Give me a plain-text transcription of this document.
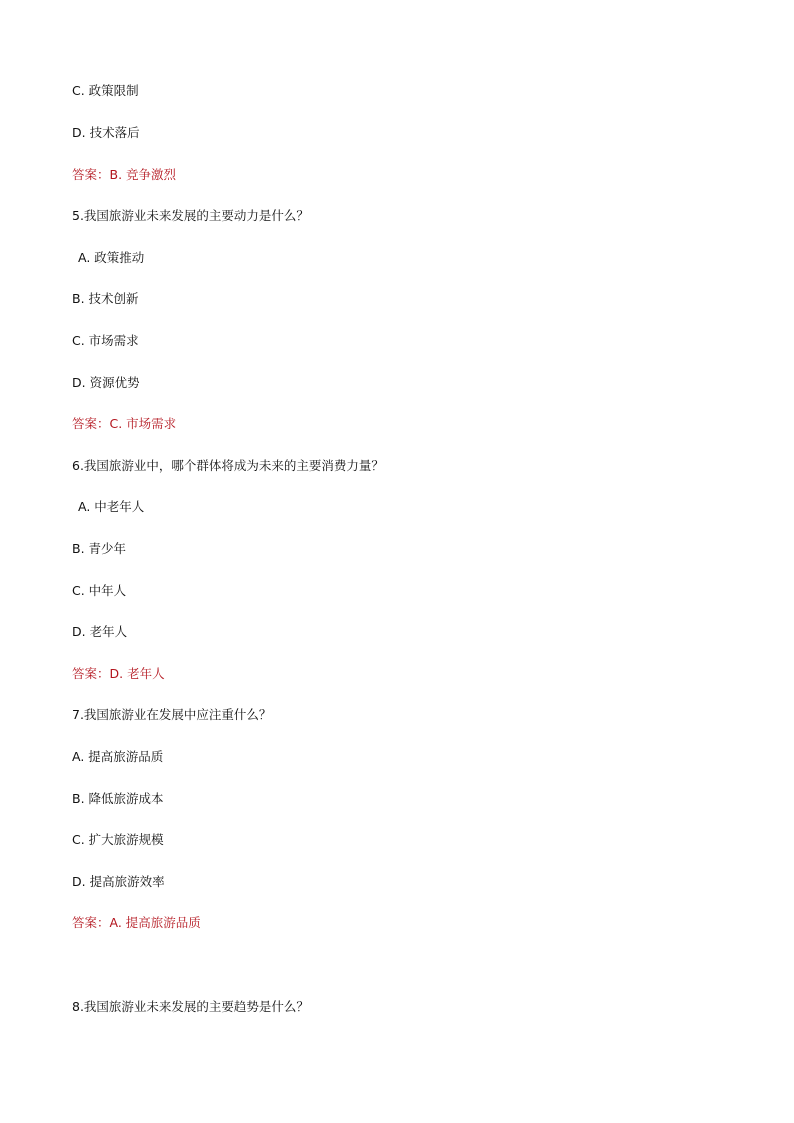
C. 政策限制
D. 技术落后
答案：B. 竞争激烈
5.我国旅游业未来发展的主要动力是什么？
A. 政策推动
B. 技术创新
C. 市场需求
D. 资源优势
答案：C. 市场需求
6.我国旅游业中，哪个群体将成为未来的主要消费力量？
A. 中老年人
B. 青少年
C. 中年人
D. 老年人
答案：D. 老年人
7.我国旅游业在发展中应注重什么？
A. 提高旅游品质
B. 降低旅游成本
C. 扩大旅游规模
D. 提高旅游效率
答案：A. 提高旅游品质
8.我国旅游业未来发展的主要趋势是什么？
